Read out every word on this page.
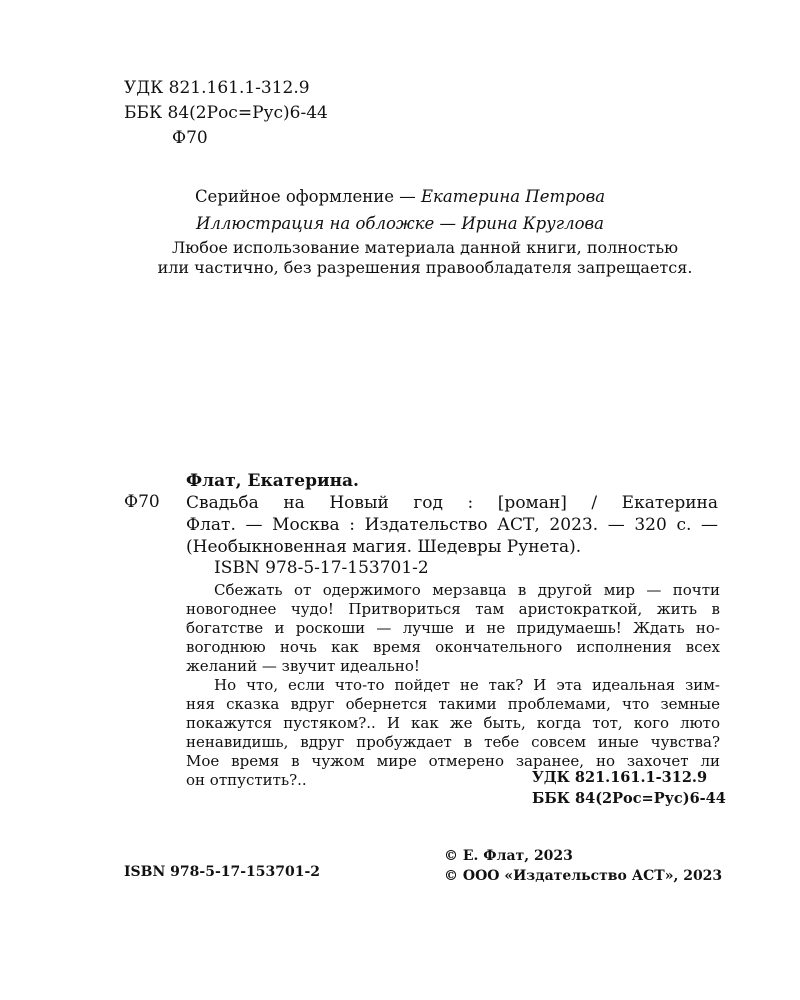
УДК 821.161.1-312.9
ББК 84(2Рос=Рус)6-44
Ф70
Серийное оформление — Екатерина Петрова
Иллюстрация на обложке — Ирина Круглова
Любое использование материала данной книги, полностью
или частично, без разрешения правообладателя запрещается.
Флат, Екатерина.
Ф70 Свадьба на Новый год : [роман] / Екатерина
Флат. — Москва : Издательство АСТ, 2023. — 320 с. —
(Необыкновенная магия. Шедевры Рунета).
ISBN 978-5-17-153701-2

Сбежать от одержимого мерзавца в другой мир — почти
новогоднее чудо! Притвориться там аристократкой, жить в
богатстве и роскоши — лучше и не придумаешь! Ждать но-
вогоднюю ночь как время окончательного исполнения всех
желаний — звучит идеально!

Но что, если что-то пойдет не так? И эта идеальная зим-
няя сказка вдруг обернется такими проблемами, что земные
покажутся пустяком?.. И как же быть, когда тот, кого люто
ненавидишь, вдруг пробуждает в тебе совсем иные чувства?
Мое время в чужом мире отмерено заранее, но захочет ли
он отпустить?..	УДК 821.161.1-312.9
ББК 84(2Рос=Рус)6-44
© Е. Флат, 2023
© ООО «Издательство АСТ», 2023
ISBN 978-5-17-153701-2
